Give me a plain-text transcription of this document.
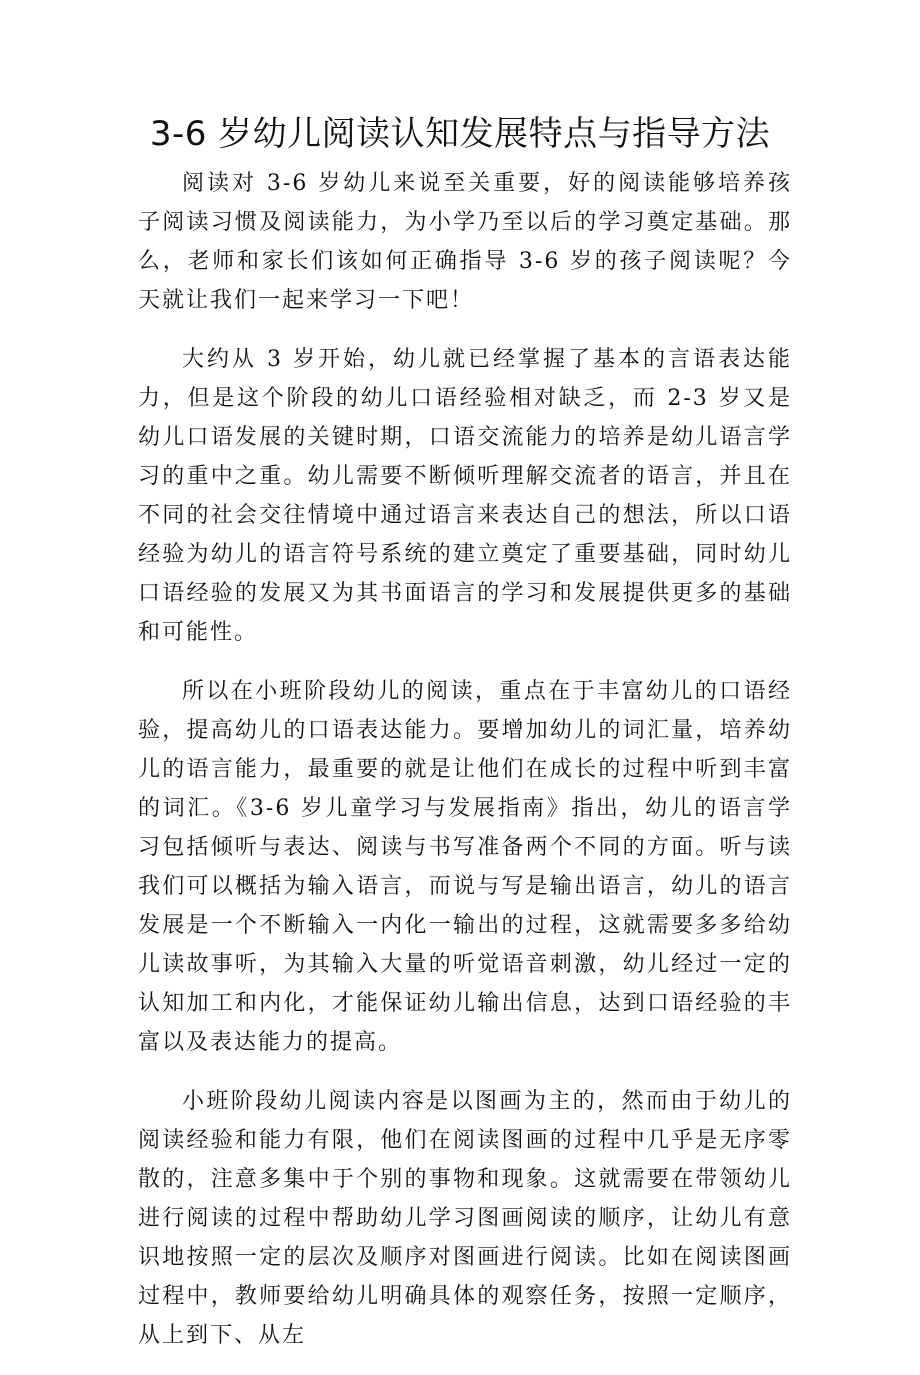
3-6 岁幼儿阅读认知发展特点与指导方法

阅读对 3-6 岁幼儿来说至关重要，好的阅读能够培养孩子阅读习惯及阅读能力，为小学乃至以后的学习奠定基础。那么，老师和家长们该如何正确指导 3-6 岁的孩子阅读呢？今天就让我们一起来学习一下吧！

大约从 3 岁开始，幼儿就已经掌握了基本的言语表达能力，但是这个阶段的幼儿口语经验相对缺乏，而 2-3 岁又是幼儿口语发展的关键时期，口语交流能力的培养是幼儿语言学习的重中之重。幼儿需要不断倾听理解交流者的语言，并且在不同的社会交往情境中通过语言来表达自己的想法，所以口语经验为幼儿的语言符号系统的建立奠定了重要基础，同时幼儿口语经验的发展又为其书面语言的学习和发展提供更多的基础和可能性。

所以在小班阶段幼儿的阅读，重点在于丰富幼儿的口语经验，提高幼儿的口语表达能力。要增加幼儿的词汇量，培养幼儿的语言能力，最重要的就是让他们在成长的过程中听到丰富的词汇。《3-6 岁儿童学习与发展指南》指出，幼儿的语言学习包括倾听与表达、阅读与书写准备两个不同的方面。听与读我们可以概括为输入语言，而说与写是输出语言，幼儿的语言发展是一个不断输入一内化一输出的过程，这就需要多多给幼儿读故事听，为其输入大量的听觉语音刺激，幼儿经过一定的认知加工和内化，才能保证幼儿输出信息，达到口语经验的丰富以及表达能力的提高。

小班阶段幼儿阅读内容是以图画为主的，然而由于幼儿的阅读经验和能力有限，他们在阅读图画的过程中几乎是无序零散的，注意多集中于个别的事物和现象。这就需要在带领幼儿进行阅读的过程中帮助幼儿学习图画阅读的顺序，让幼儿有意识地按照一定的层次及顺序对图画进行阅读。比如在阅读图画过程中，教师要给幼儿明确具体的观察任务，按照一定顺序，从上到下、从左
